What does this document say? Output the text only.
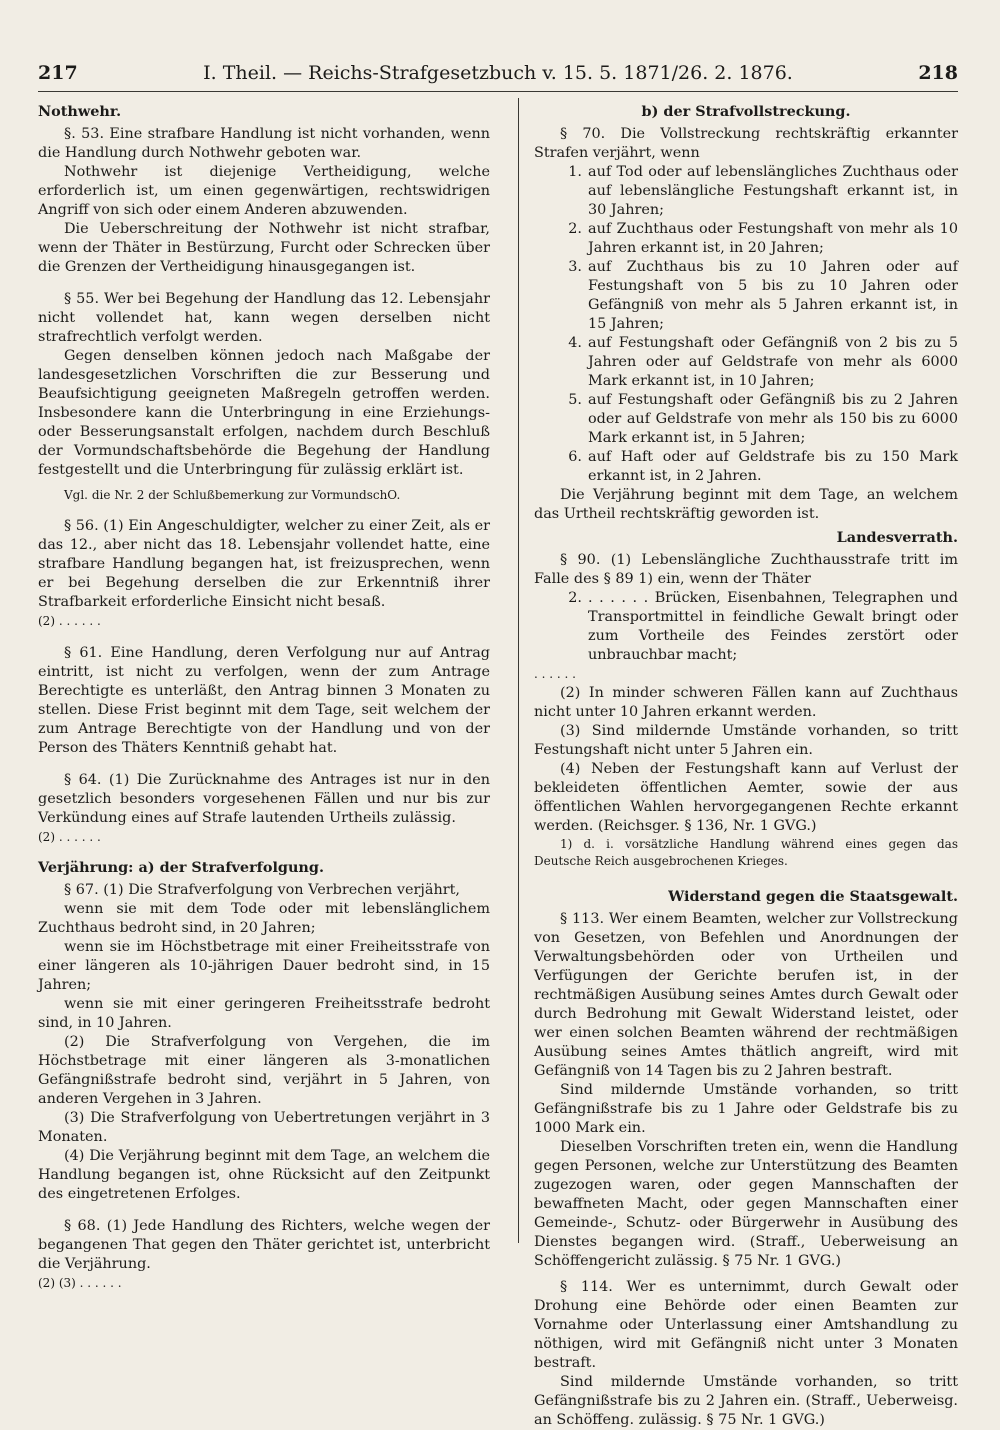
217	I. Theil. — Reichs-Strafgesetzbuch v. 15. 5. 1871/26. 2. 1876.	218

Nothwehr.

§. 53. Eine strafbare Handlung ist nicht vorhanden, wenn die Handlung durch Nothwehr geboten war.

Nothwehr ist diejenige Vertheidigung, welche erforderlich ist, um einen gegenwärtigen, rechtswidrigen Angriff von sich oder einem Anderen abzuwenden.

Die Ueberschreitung der Nothwehr ist nicht strafbar, wenn der Thäter in Bestürzung, Furcht oder Schrecken über die Grenzen der Vertheidigung hinausgegangen ist.

§ 55. Wer bei Begehung der Handlung das 12. Lebensjahr nicht vollendet hat, kann wegen derselben nicht strafrechtlich verfolgt werden.

Gegen denselben können jedoch nach Maßgabe der landesgesetzlichen Vorschriften die zur Besserung und Beaufsichtigung geeigneten Maßregeln getroffen werden. Insbesondere kann die Unterbringung in eine Erziehungs- oder Besserungsanstalt erfolgen, nachdem durch Beschluß der Vormundschaftsbehörde die Begehung der Handlung festgestellt und die Unterbringung für zulässig erklärt ist.

Vgl. die Nr. 2 der Schlußbemerkung zur VormundschO.

§ 56. (1) Ein Angeschuldigter, welcher zu einer Zeit, als er das 12., aber nicht das 18. Lebensjahr vollendet hatte, eine strafbare Handlung begangen hat, ist freizusprechen, wenn er bei Begehung derselben die zur Erkenntniß ihrer Strafbarkeit erforderliche Einsicht nicht besaß.

(2) . . . . . .

§ 61. Eine Handlung, deren Verfolgung nur auf Antrag eintritt, ist nicht zu verfolgen, wenn der zum Antrage Berechtigte es unterläßt, den Antrag binnen 3 Monaten zu stellen. Diese Frist beginnt mit dem Tage, seit welchem der zum Antrage Berechtigte von der Handlung und von der Person des Thäters Kenntniß gehabt hat.

§ 64. (1) Die Zurücknahme des Antrages ist nur in den gesetzlich besonders vorgesehenen Fällen und nur bis zur Verkündung eines auf Strafe lautenden Urtheils zulässig.

(2) . . . . . .

Verjährung: a) der Strafverfolgung.

§ 67. (1) Die Strafverfolgung von Verbrechen verjährt,

wenn sie mit dem Tode oder mit lebenslänglichem Zuchthaus bedroht sind, in 20 Jahren;

wenn sie im Höchstbetrage mit einer Freiheitsstrafe von einer längeren als 10-jährigen Dauer bedroht sind, in 15 Jahren;

wenn sie mit einer geringeren Freiheitsstrafe bedroht sind, in 10 Jahren.

(2) Die Strafverfolgung von Vergehen, die im Höchstbetrage mit einer längeren als 3-monatlichen Gefängnißstrafe bedroht sind, verjährt in 5 Jahren, von anderen Vergehen in 3 Jahren.

(3) Die Strafverfolgung von Uebertretungen verjährt in 3 Monaten.

(4) Die Verjährung beginnt mit dem Tage, an welchem die Handlung begangen ist, ohne Rücksicht auf den Zeitpunkt des eingetretenen Erfolges.

§ 68. (1) Jede Handlung des Richters, welche wegen der begangenen That gegen den Thäter gerichtet ist, unterbricht die Verjährung.

(2) (3) . . . . . .

b) der Strafvollstreckung.

§ 70. Die Vollstreckung rechtskräftig erkannter Strafen verjährt, wenn

1. auf Tod oder auf lebenslängliches Zuchthaus oder auf lebenslängliche Festungshaft erkannt ist, in 30 Jahren;
2. auf Zuchthaus oder Festungshaft von mehr als 10 Jahren erkannt ist, in 20 Jahren;
3. auf Zuchthaus bis zu 10 Jahren oder auf Festungshaft von 5 bis zu 10 Jahren oder Gefängniß von mehr als 5 Jahren erkannt ist, in 15 Jahren;
4. auf Festungshaft oder Gefängniß von 2 bis zu 5 Jahren oder auf Geldstrafe von mehr als 6000 Mark erkannt ist, in 10 Jahren;
5. auf Festungshaft oder Gefängniß bis zu 2 Jahren oder auf Geldstrafe von mehr als 150 bis zu 6000 Mark erkannt ist, in 5 Jahren;
6. auf Haft oder auf Geldstrafe bis zu 150 Mark erkannt ist, in 2 Jahren.

Die Verjährung beginnt mit dem Tage, an welchem das Urtheil rechtskräftig geworden ist.

Landesverrath.

§ 90. (1) Lebenslängliche Zuchthausstrafe tritt im Falle des § 89 1) ein, wenn der Thäter

2. . . . . . . Brücken, Eisenbahnen, Telegraphen und Transportmittel in feindliche Gewalt bringt oder zum Vortheile des Feindes zerstört oder unbrauchbar macht;

. . . . . .

(2) In minder schweren Fällen kann auf Zuchthaus nicht unter 10 Jahren erkannt werden.

(3) Sind mildernde Umstände vorhanden, so tritt Festungshaft nicht unter 5 Jahren ein.

(4) Neben der Festungshaft kann auf Verlust der bekleideten öffentlichen Aemter, sowie der aus öffentlichen Wahlen hervorgegangenen Rechte erkannt werden. (Reichsger. § 136, Nr. 1 GVG.)

1) d. i. vorsätzliche Handlung während eines gegen das Deutsche Reich ausgebrochenen Krieges.

Widerstand gegen die Staatsgewalt.

§ 113. Wer einem Beamten, welcher zur Vollstreckung von Gesetzen, von Befehlen und Anordnungen der Verwaltungsbehörden oder von Urtheilen und Verfügungen der Gerichte berufen ist, in der rechtmäßigen Ausübung seines Amtes durch Gewalt oder durch Bedrohung mit Gewalt Widerstand leistet, oder wer einen solchen Beamten während der rechtmäßigen Ausübung seines Amtes thätlich angreift, wird mit Gefängniß von 14 Tagen bis zu 2 Jahren bestraft.

Sind mildernde Umstände vorhanden, so tritt Gefängnißstrafe bis zu 1 Jahre oder Geldstrafe bis zu 1000 Mark ein.

Dieselben Vorschriften treten ein, wenn die Handlung gegen Personen, welche zur Unterstützung des Beamten zugezogen waren, oder gegen Mannschaften der bewaffneten Macht, oder gegen Mannschaften einer Gemeinde-, Schutz- oder Bürgerwehr in Ausübung des Dienstes begangen wird. (Straff., Ueberweisung an Schöffengericht zulässig. § 75 Nr. 1 GVG.)

§ 114. Wer es unternimmt, durch Gewalt oder Drohung eine Behörde oder einen Beamten zur Vornahme oder Unterlassung einer Amtshandlung zu nöthigen, wird mit Gefängniß nicht unter 3 Monaten bestraft.

Sind mildernde Umstände vorhanden, so tritt Gefängnißstrafe bis zu 2 Jahren ein. (Straff., Ueberweisg. an Schöffeng. zulässig. § 75 Nr. 1 GVG.)
